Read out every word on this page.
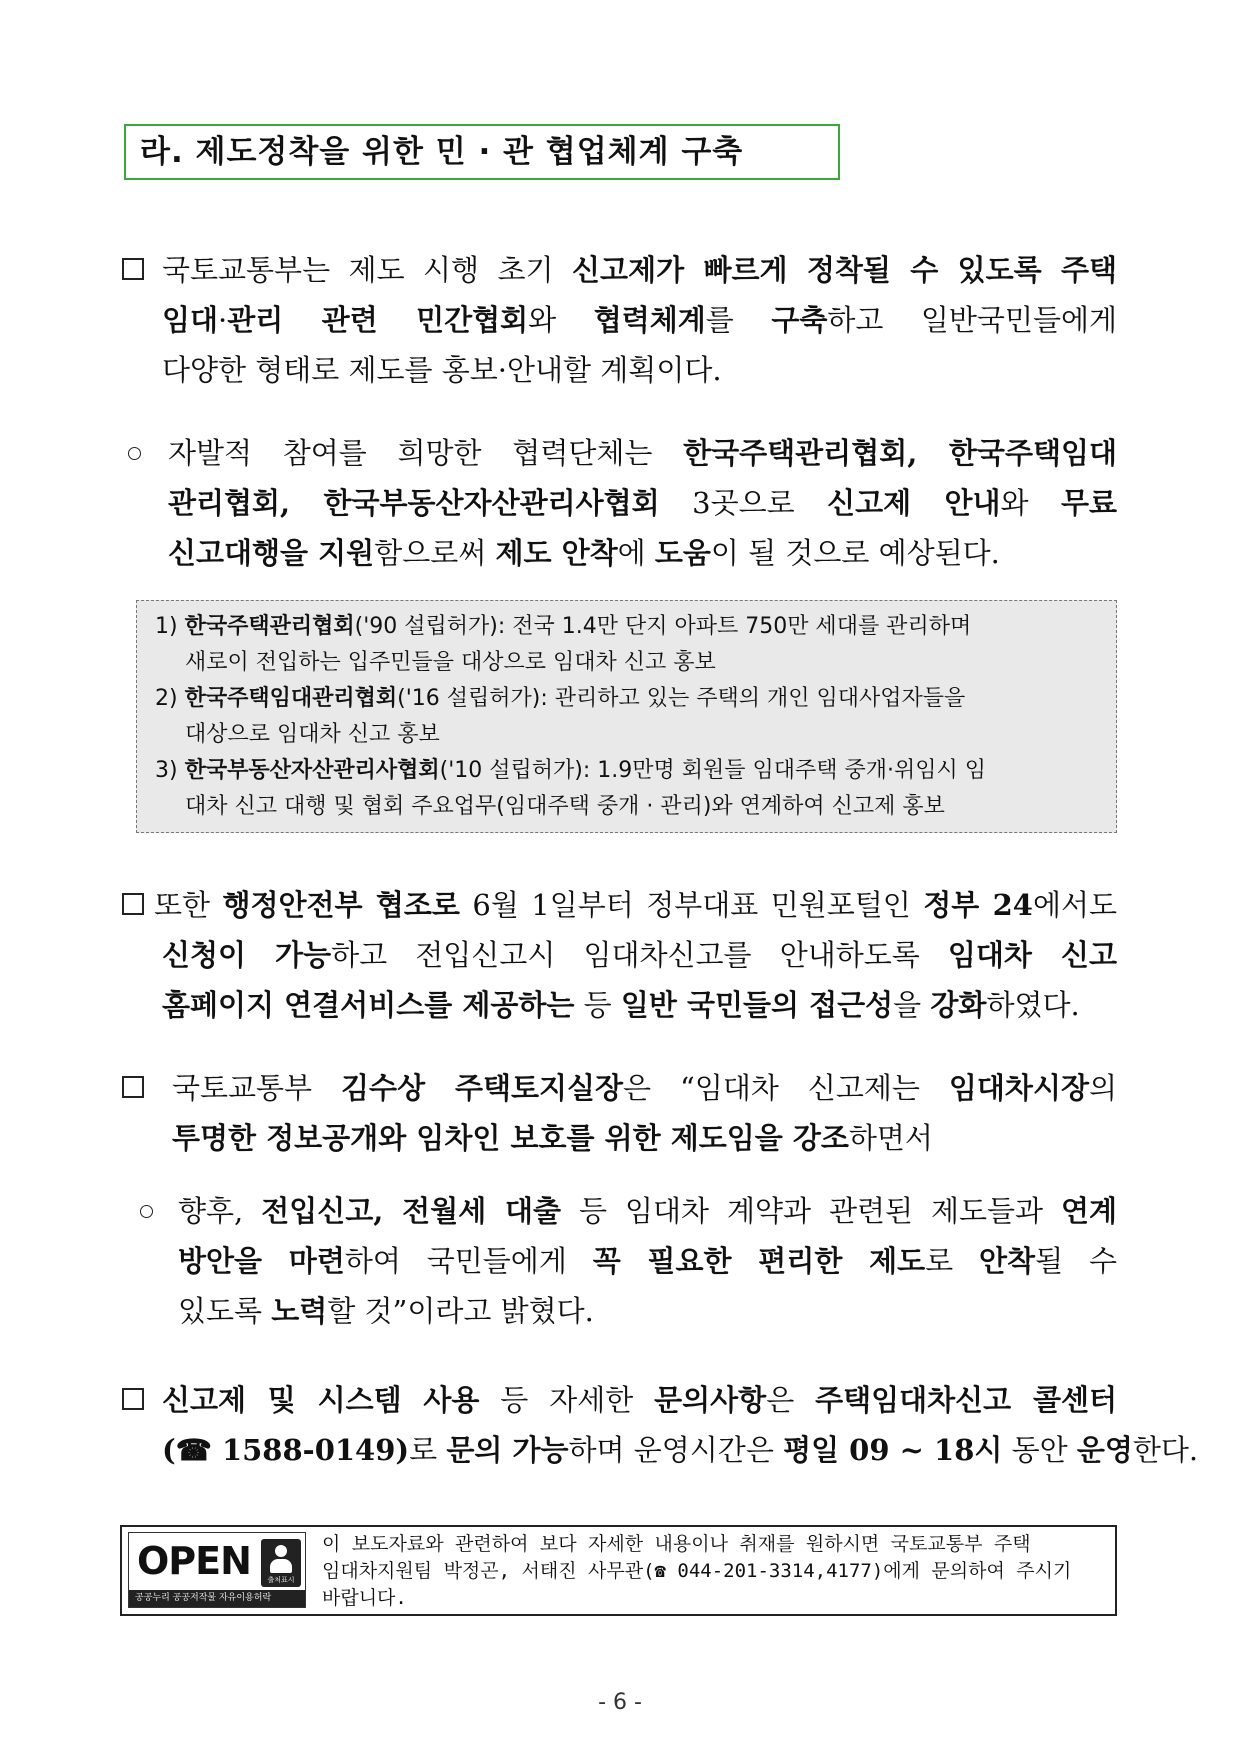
라. 제도정착을 위한 민 · 관 협업체계 구축
국토교통부는 제도 시행 초기 신고제가 빠르게 정착될 수 있도록 주택
임대·관리 관련 민간협회와 협력체계를 구축하고 일반국민들에게
다양한 형태로 제도를 홍보·안내할 계획이다.
자발적 참여를 희망한 협력단체는 한국주택관리협회, 한국주택임대
관리협회, 한국부동산자산관리사협회 3곳으로 신고제 안내와 무료
신고대행을 지원함으로써 제도 안착에 도움이 될 것으로 예상된다.
1) 한국주택관리협회('90 설립허가): 전국 1.4만 단지 아파트 750만 세대를 관리하며
새로이 전입하는 입주민들을 대상으로 임대차 신고 홍보
2) 한국주택임대관리협회('16 설립허가): 관리하고 있는 주택의 개인 임대사업자들을
대상으로 임대차 신고 홍보
3) 한국부동산자산관리사협회('10 설립허가): 1.9만명 회원들 임대주택 중개·위임시 임
대차 신고 대행 및 협회 주요업무(임대주택 중개 · 관리)와 연계하여 신고제 홍보
또한 행정안전부 협조로 6월 1일부터 정부대표 민원포털인 정부 24에서도
신청이 가능하고 전입신고시 임대차신고를 안내하도록 임대차 신고
홈페이지 연결서비스를 제공하는 등 일반 국민들의 접근성을 강화하였다.
국토교통부 김수상 주택토지실장은 “임대차 신고제는 임대차시장의
투명한 정보공개와 임차인 보호를 위한 제도임을 강조하면서
향후, 전입신고, 전월세 대출 등 임대차 계약과 관련된 제도들과 연계
방안을 마련하여 국민들에게 꼭 필요한 편리한 제도로 안착될 수
있도록 노력할 것”이라고 밝혔다.
신고제 및 시스템 사용 등 자세한 문의사항은 주택임대차신고 콜센터
(☎ 1588-0149)로 문의 가능하며 운영시간은 평일 09 ~ 18시 동안 운영한다.
OPEN	출처표시
공공누리 공공저작물 자유이용허락
이 보도자료와 관련하여 보다 자세한 내용이나 취재를 원하시면 국토교통부 주택
임대차지원팀 박정곤, 서태진 사무관(☎ 044-201-3314,4177)에게 문의하여 주시기
바랍니다.
- 6 -
